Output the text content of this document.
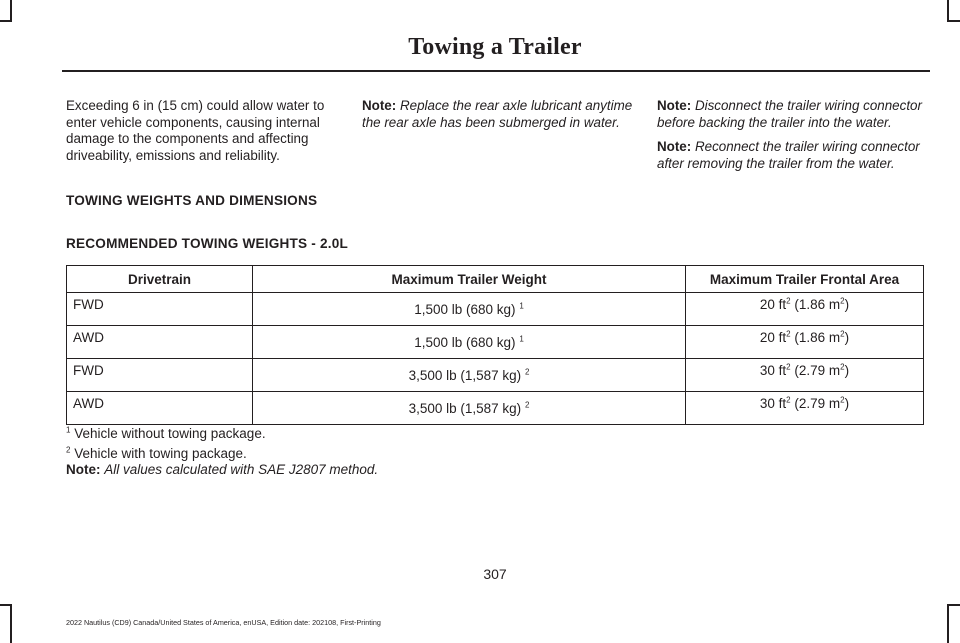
Towing a Trailer

Exceeding 6 in (15 cm) could allow water to enter vehicle components, causing internal damage to the components and affecting driveability, emissions and reliability.

Note: Replace the rear axle lubricant anytime the rear axle has been submerged in water.

Note: Disconnect the trailer wiring connector before backing the trailer into the water.

Note: Reconnect the trailer wiring connector after removing the trailer from the water.

TOWING WEIGHTS AND DIMENSIONS
RECOMMENDED TOWING WEIGHTS - 2.0L
Drivetrain	Maximum Trailer Weight	Maximum Trailer Frontal Area
FWD	1,500 lb (680 kg) $^1$	20 $ft^2$ (1.86 $m^2$)
AWD	1,500 lb (680 kg) $^1$	20 $ft^2$ (1.86 $m^2$)
FWD	3,500 lb (1,587 kg) $^2$	30 $ft^2$ (2.79 $m^2$)
AWD	3,500 lb (1,587 kg) $^2$	30 $ft^2$ (2.79 $m^2$)
$^1$ Vehicle without towing package.
$^2$ Vehicle with towing package.
Note: All values calculated with SAE J2807 method.
307
2022 Nautilus (CD9) Canada/United States of America, enUSA, Edition date: 202108, First-Printing
